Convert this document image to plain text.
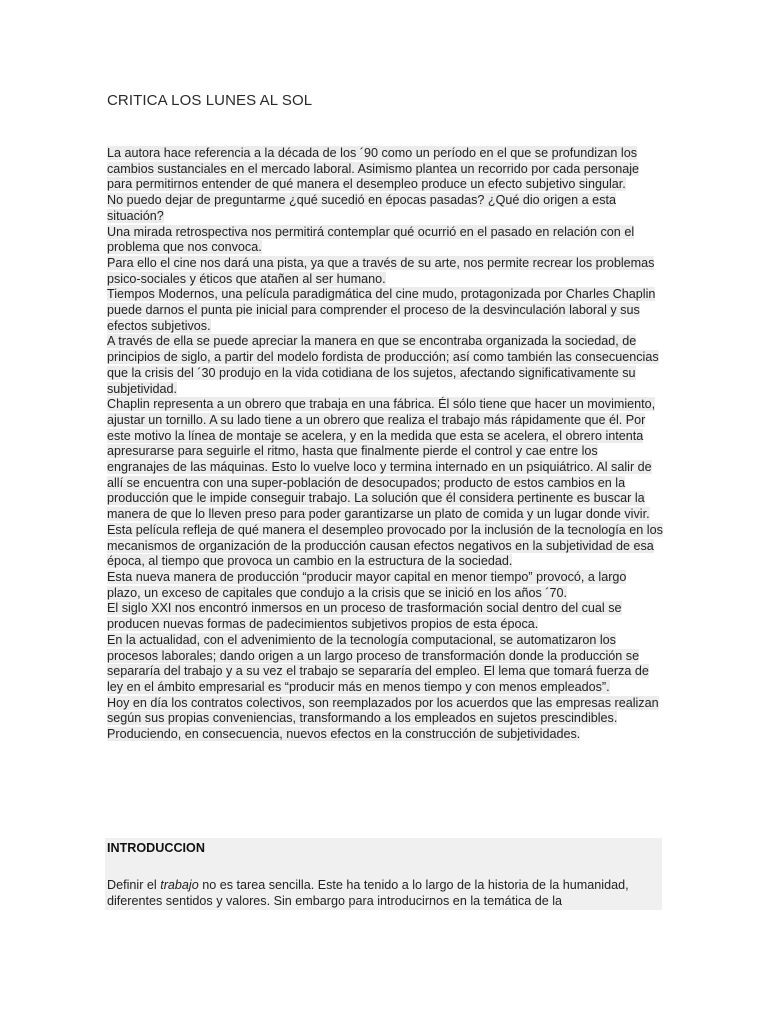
CRITICA LOS LUNES AL SOL

La autora hace referencia a la década de los ´90 como un período en el que se profundizan los cambios sustanciales en el mercado laboral. Asimismo plantea un recorrido por cada personaje para permitirnos entender de qué manera el desempleo produce un efecto subjetivo singular.

No puedo dejar de preguntarme ¿qué sucedió en épocas pasadas? ¿Qué dio origen a esta situación?

Una mirada retrospectiva nos permitirá contemplar qué ocurrió en el pasado en relación con el problema que nos convoca.

Para ello el cine nos dará una pista, ya que a través de su arte, nos permite recrear los problemas psico-sociales y éticos que atañen al ser humano.

Tiempos Modernos, una película paradigmática del cine mudo, protagonizada por Charles Chaplin puede darnos el punta pie inicial para comprender el proceso de la desvinculación laboral y sus efectos subjetivos.

A través de ella se puede apreciar la manera en que se encontraba organizada la sociedad, de principios de siglo, a partir del modelo fordista de producción; así como también las consecuencias que la crisis del ´30 produjo en la vida cotidiana de los sujetos, afectando significativamente su subjetividad.

Chaplin representa a un obrero que trabaja en una fábrica. Él sólo tiene que hacer un movimiento, ajustar un tornillo. A su lado tiene a un obrero que realiza el trabajo más rápidamente que él. Por este motivo la línea de montaje se acelera, y en la medida que esta se acelera, el obrero intenta apresurarse para seguirle el ritmo, hasta que finalmente pierde el control y cae entre los engranajes de las máquinas. Esto lo vuelve loco y termina internado en un psiquiátrico. Al salir de allí se encuentra con una super-población de desocupados; producto de estos cambios en la producción que le impide conseguir trabajo. La solución que él considera pertinente es buscar la manera de que lo lleven preso para poder garantizarse un plato de comida y un lugar donde vivir.

Esta película refleja de qué manera el desempleo provocado por la inclusión de la tecnología en los mecanismos de organización de la producción causan efectos negativos en la subjetividad de esa época, al tiempo que provoca un cambio en la estructura de la sociedad.

Esta nueva manera de producción “producir mayor capital en menor tiempo” provocó, a largo plazo, un exceso de capitales que condujo a la crisis que se inició en los años ´70.

El siglo XXI nos encontró inmersos en un proceso de trasformación social dentro del cual se producen nuevas formas de padecimientos subjetivos propios de esta época.

En la actualidad, con el advenimiento de la tecnología computacional, se automatizaron los procesos laborales; dando origen a un largo proceso de transformación donde la producción se separaría del trabajo y a su vez el trabajo se separaría del empleo. El lema que tomará fuerza de ley en el ámbito empresarial es “producir más en menos tiempo y con menos empleados”.

Hoy en día los contratos colectivos, son reemplazados por los acuerdos que las empresas realizan según sus propias conveniencias, transformando a los empleados en sujetos prescindibles. Produciendo, en consecuencia, nuevos efectos en la construcción de subjetividades.

INTRODUCCION
Definir el trabajo no es tarea sencilla. Este ha tenido a lo largo de la historia de la humanidad, diferentes sentidos y valores. Sin embargo para introducirnos en la temática de la
